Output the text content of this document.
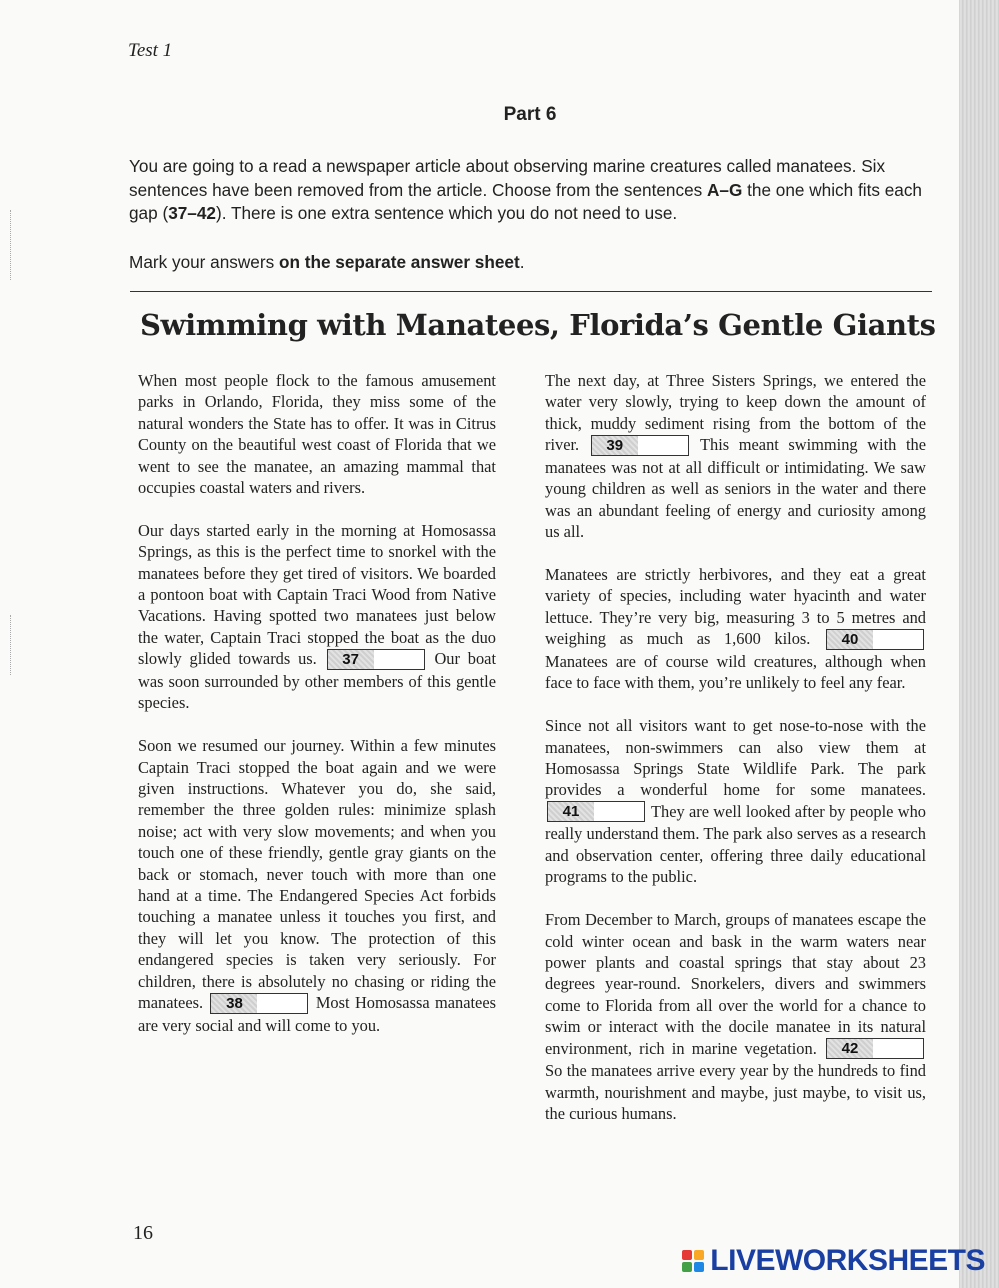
Test 1
Part 6

You are going to a read a newspaper article about observing marine creatures called manatees. Six sentences have been removed from the article. Choose from the sentences A–G the one which fits each gap (37–42). There is one extra sentence which you do not need to use.

Mark your answers on the separate answer sheet.

Swimming with Manatees, Florida’s Gentle Giants

When most people flock to the famous amusement parks in Orlando, Florida, they miss some of the natural wonders the State has to offer. It was in Citrus County on the beautiful west coast of Florida that we went to see the manatee, an amazing mammal that occupies coastal waters and rivers.

Our days started early in the morning at Homosassa Springs, as this is the perfect time to snorkel with the manatees before they get tired of visitors. We boarded a pontoon boat with Captain Traci Wood from Native Vacations. Having spotted two manatees just below the water, Captain Traci stopped the boat as the duo slowly glided towards us.	37	Our boat was soon surrounded by other members of this gentle species.

Soon we resumed our journey. Within a few minutes Captain Traci stopped the boat again and we were given instructions. Whatever you do, she said, remember the three golden rules: minimize splash noise; act with very slow movements; and when you touch one of these friendly, gentle gray giants on the back or stomach, never touch with more than one hand at a time. The Endangered Species Act forbids touching a manatee unless it touches you first, and they will let you know. The protection of this endangered species is taken very seriously. For children, there is absolutely no chasing or riding the manatees.	38	Most Homosassa manatees are very social and will come to you.

The next day, at Three Sisters Springs, we entered the water very slowly, trying to keep down the amount of thick, muddy sediment rising from the bottom of the river.	39	This meant swimming with the manatees was not at all difficult or intimidating. We saw young children as well as seniors in the water and there was an abundant feeling of energy and curiosity among us all.

Manatees are strictly herbivores, and they eat a great variety of species, including water hyacinth and water lettuce. They’re very big, measuring 3 to 5 metres and weighing as much as 1,600 kilos.	40
Manatees are of course wild creatures, although when face to face with them, you’re unlikely to feel any fear.

Since not all visitors want to get nose-to-nose with the manatees, non-swimmers can also view them at Homosassa Springs State Wildlife Park. The park provides a wonderful home for some manatees.
41	They are well looked after by people who really understand them. The park also serves as a research and observation center, offering three daily educational programs to the public.

From December to March, groups of manatees escape the cold winter ocean and bask in the warm waters near power plants and coastal springs that stay about 23 degrees year-round. Snorkelers, divers and swimmers come to Florida from all over the world for a chance to swim or interact with the docile manatee in its natural environment, rich in marine vegetation.	42
So the manatees arrive every year by the hundreds to find warmth, nourishment and maybe, just maybe, to visit us, the curious humans.

16
LIVEWORKSHEETS
